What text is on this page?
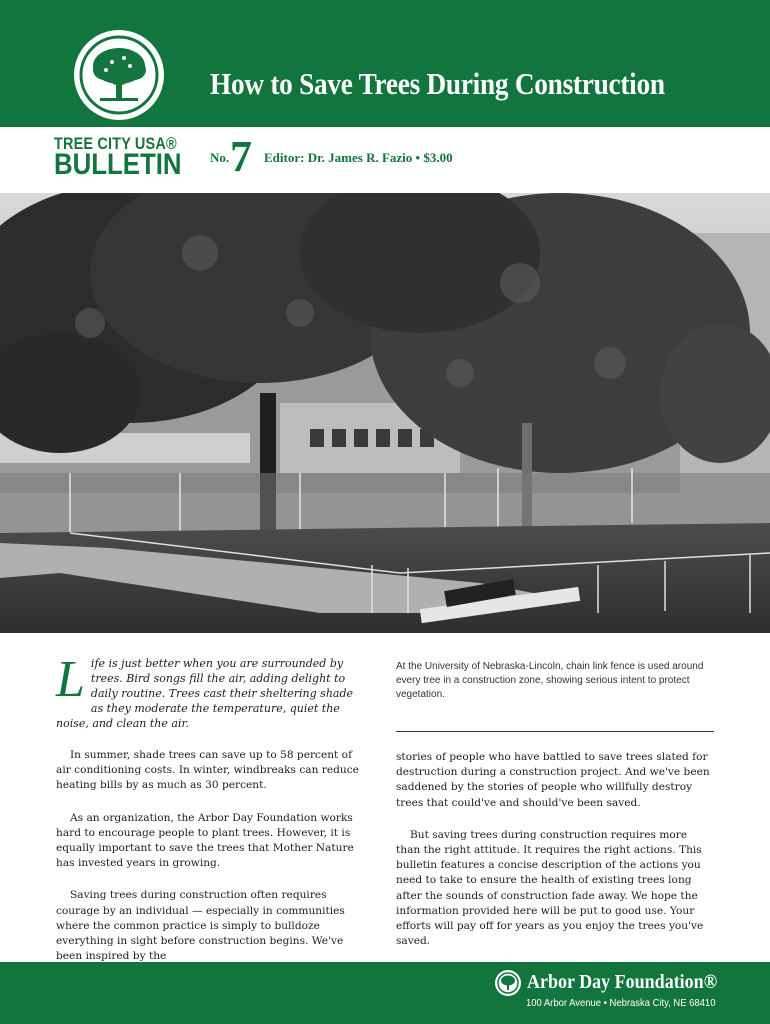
How to Save Trees During Construction
TREE CITY USA®
BULLETIN No. 7 Editor: Dr. James R. Fazio • $3.00
Life is just better when you are surrounded by trees. Bird songs fill the air, adding delight to daily routine. Trees cast their sheltering shade as they moderate the temperature, quiet the noise, and clean the air.

In summer, shade trees can save up to 58 percent of air conditioning costs. In winter, windbreaks can reduce heating bills by as much as 30 percent.

As an organization, the Arbor Day Foundation works hard to encourage people to plant trees. However, it is equally important to save the trees that Mother Nature has invested years in growing.

Saving trees during construction often requires courage by an individual — especially in communities where the common practice is simply to bulldoze everything in sight before construction begins. We've been inspired by the

At the University of Nebraska-Lincoln, chain link fence is used around every tree in a construction zone, showing serious intent to protect vegetation.

stories of people who have battled to save trees slated for destruction during a construction project. And we've been saddened by the stories of people who willfully destroy trees that could've and should've been saved.

But saving trees during construction requires more than the right attitude. It requires the right actions. This bulletin features a concise description of the actions you need to take to ensure the health of existing trees long after the sounds of construction fade away. We hope the information provided here will be put to good use. Your efforts will pay off for years as you enjoy the trees you've saved.

Arbor Day Foundation®
100 Arbor Avenue • Nebraska City, NE 68410
